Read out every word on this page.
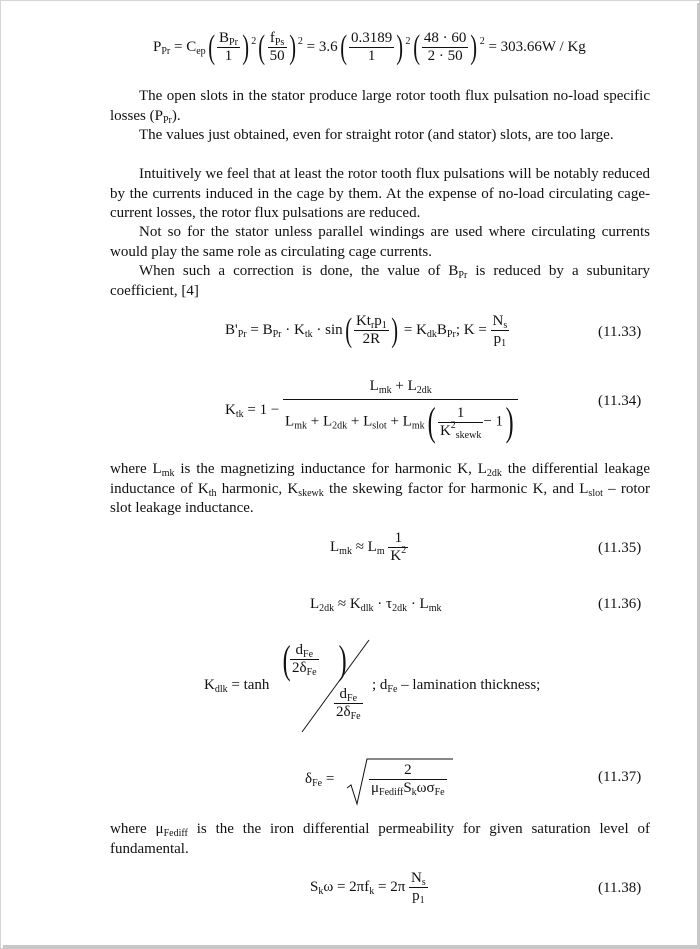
$P_{Pr} = C_{ep}( \frac{B_{Pr}}{1}$ ) $^2( \frac{f_{Ps}}{50}$ ) $^2 = 3.6( \frac{0.3189}{1}$ ) $^2( \frac{48 \cdot 60}{2 \cdot 50}$ ) $^2$ = 303.66W / Kg

The open slots in the stator produce large rotor tooth flux pulsation no-load specific losses $(P_{Pr})$.

The values just obtained, even for straight rotor (and stator) slots, are too large.

Intuitively we feel that at least the rotor tooth flux pulsations will be notably reduced by the currents induced in the cage by them. At the expense of no-load circulating cage-current losses, the rotor flux pulsations are reduced.

Not so for the stator unless parallel windings are used where circulating currents would play the same role as circulating cage currents.

When such a correction is done, the value of $B_{Pr}$ is reduced by a subunitary coefficient, [4]

$B'_{Pr} = B_{Pr} \cdot K_{tk} \cdot \sin( \frac{Kt_rp_1}{2R}$ ) = $K_{dk}B_{Pr}$; $K = \frac{N_s}{p_1}$	(11.33)
$K_{tk} = 1 - \frac{L_{mk} + L_{2dk}}{L_{mk} + L_{2dk} + L_{slot} + L_{mk}( \frac{1}{K^2_{skewk}} - 1)}$	(11.34)

where $L_{mk}$ is the magnetizing inductance for harmonic K, $L_{2dk}$ the differential leakage inductance of $K_{th}$ harmonic, $K_{skewk}$ the skewing factor for harmonic K, and $L_{slot}$ – rotor slot leakage inductance.

$L_{mk} \approx L_m \frac{1}{K^2}$	(11.35)
$L_{2dk} \approx K_{dlk} \cdot \tau_{2dk} \cdot L_{mk}$	(11.36)
$K_{dlk} = \tanh$
( )
$d_{Fe}$
$2\delta_{Fe}$
$d_{Fe}$
$2\delta_{Fe}$
; $d_{Fe}$ – lamination thickness;
$\delta_{Fe}$ =
2
$\mu_{Fediff}S_k\omega\sigma_{Fe}$
(11.37)

where $\mu_{Fediff}$ is the the iron differential permeability for given saturation level of fundamental.

$S_k\omega = 2\pi f_k = 2\pi \frac{N_s}{p_1}$	(11.38)
